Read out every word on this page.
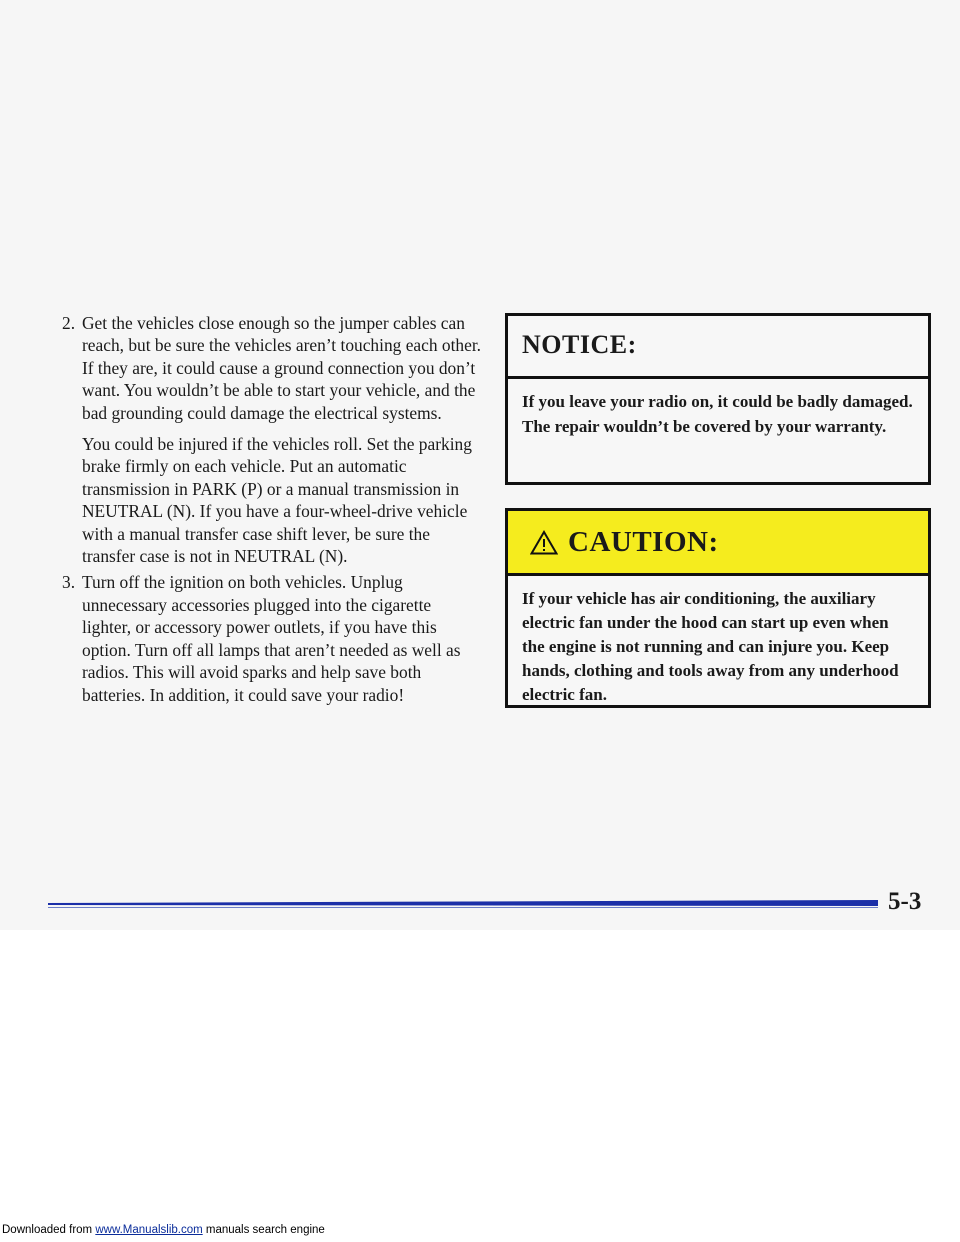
2. Get the vehicles close enough so the jumper cables can reach, but be sure the vehicles aren’t touching each other. If they are, it could cause a ground connection you don’t want. You wouldn’t be able to start your vehicle, and the bad grounding could damage the electrical systems.

You could be injured if the vehicles roll. Set the parking brake firmly on each vehicle. Put an automatic transmission in PARK (P) or a manual transmission in NEUTRAL (N). If you have a four-wheel-drive vehicle with a manual transfer case shift lever, be sure the transfer case is not in NEUTRAL (N).

3. Turn off the ignition on both vehicles. Unplug unnecessary accessories plugged into the cigarette lighter, or accessory power outlets, if you have this option. Turn off all lamps that aren’t needed as well as radios. This will avoid sparks and help save both batteries. In addition, it could save your radio!

NOTICE:
If you leave your radio on, it could be badly damaged. The repair wouldn’t be covered by your warranty.
CAUTION:
If your vehicle has air conditioning, the auxiliary electric fan under the hood can start up even when the engine is not running and can injure you. Keep hands, clothing and tools away from any underhood electric fan.
5-3
Downloaded from www.Manualslib.com manuals search engine
